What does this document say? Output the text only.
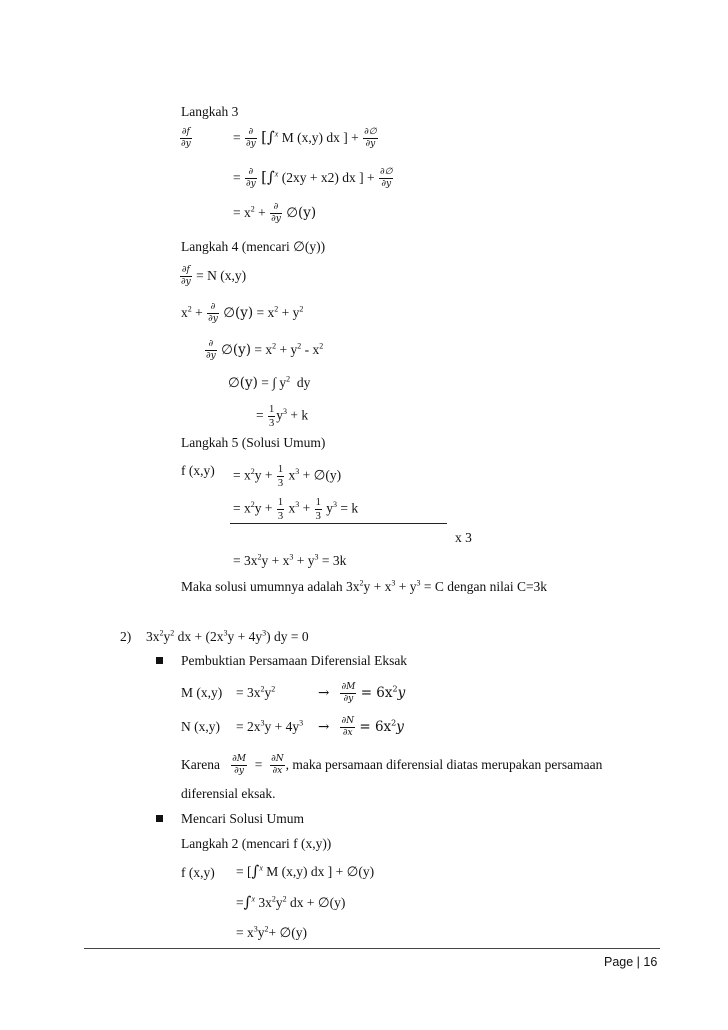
Langkah 3
$\frac{\partial f}{\partial y}$	= $\frac{\partial}{\partial y} [\int^x$ M (x,y) dx ] + $\frac{\partial\emptyset}{\partial y}$
= $\frac{\partial}{\partial y} [\int^x$ (2xy + x2) dx ] + $\frac{\partial\emptyset}{\partial y}$
= $x^2 + \frac{\partial}{\partial y}$ ∅(y)
Langkah 4 (mencari ∅(y))
$\frac{\partial f}{\partial y} = N$ (x,y)
$x^2 + \frac{\partial}{\partial y}$ ∅(y) = $x^2 + y^2$
$\frac{\partial}{\partial y}$ ∅(y) = $x^2 + y^2 - x^2$
∅(y) = ∫ $y^2$ dy
= $\frac{1}{3} y^3 + k$
Langkah 5 (Solusi Umum)
f $(x,y) = x^2y + \frac{1}{3} x^3$ + ∅(y)
= $x^2y + \frac{1}{3} x^3 + \frac{1}{3} y^3 = k$
x 3
= $3x^2y + x^3 + y^3 = 3k$
Maka solusi umumnya adalah $3x^2y + x^3 + y^3 = C$ dengan nilai C=3k
2) $3x^2y^2$ dx + $(2x^3y + 4y^3)$ dy = 0
Pembuktian Persamaan Diferensial Eksak
M $(x,y) = 3x^2y^2$	→ $\frac{\partial M}{\partial y} = 6x^2y$
N $(x,y) = 2x^3y + 4y^3 \to \frac{\partial N}{\partial x} = 6x^2y$
Karena $\frac{\partial M}{\partial y} = \frac{\partial N}{\partial x}$ , maka persamaan diferensial diatas merupakan persamaan
diferensial eksak.
Mencari Solusi Umum
Langkah 2 (mencari f (x,y))
f (x,y) = [∫$^x$ M (x,y) dx ] + ∅(y)
=∫$^x$ $3x^2y^2$ dx + ∅(y)
= $x^3y^2+$ ∅(y)
Page | 16
